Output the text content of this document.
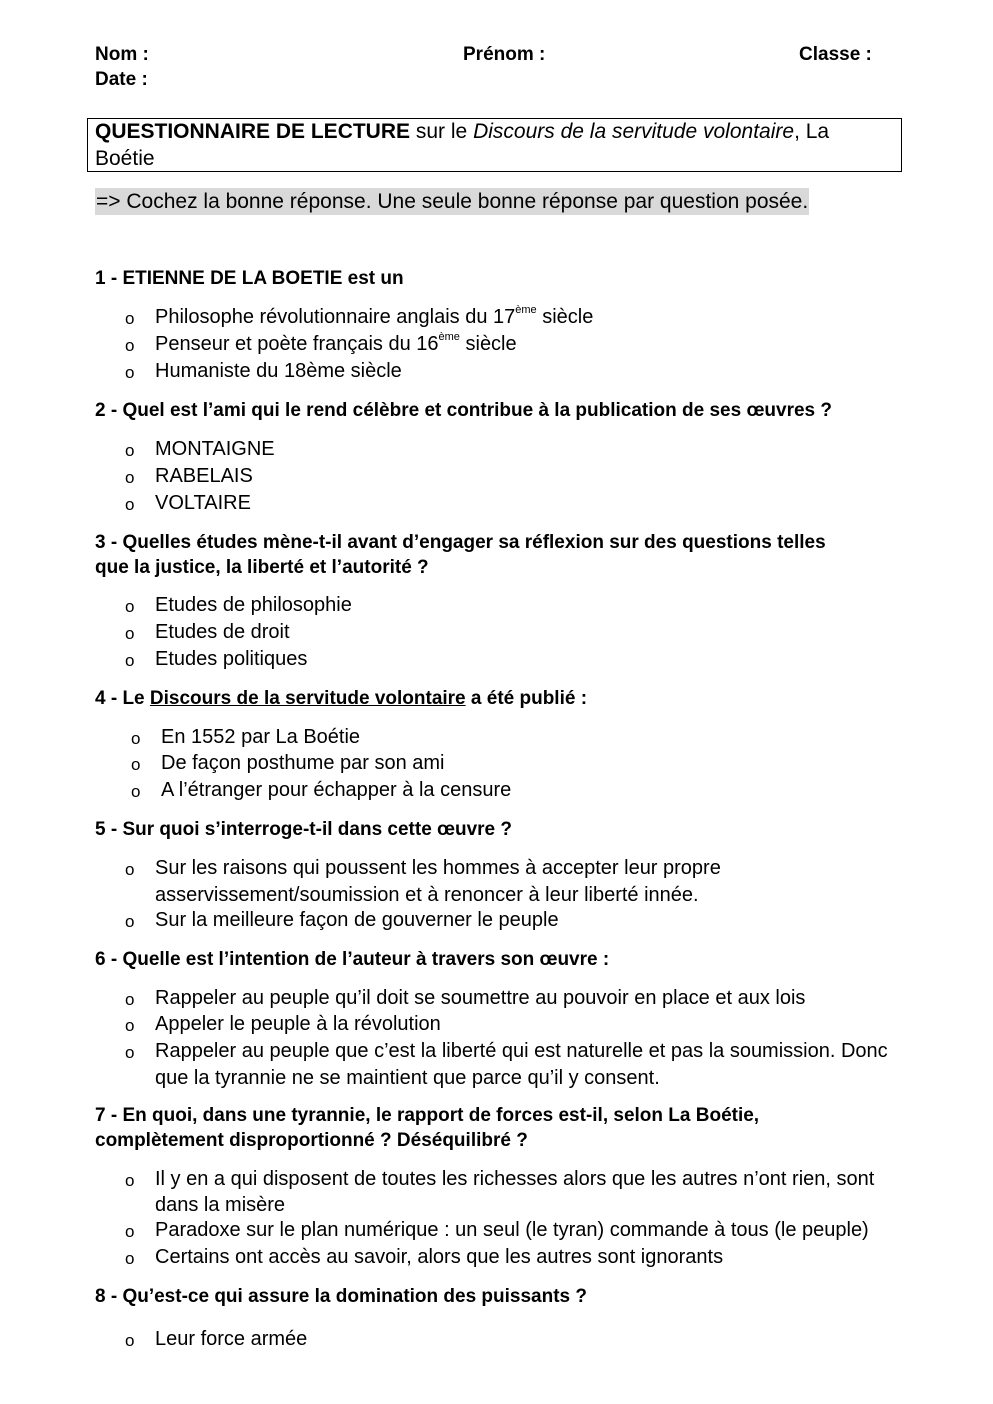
Nom :	Prénom :	Classe :
Date :
QUESTIONNAIRE DE LECTURE sur le Discours de la servitude volontaire, La
Boétie
=> Cochez la bonne réponse. Une seule bonne réponse par question posée.
1 - ETIENNE DE LA BOETIE est un
o Philosophe révolutionnaire anglais du 17ème siècle
o Penseur et poète français du 16ème siècle
o Humaniste du 18ème siècle
2 - Quel est l’ami qui le rend célèbre et contribue à la publication de ses œuvres ?
o MONTAIGNE
o RABELAIS
o VOLTAIRE
3 - Quelles études mène-t-il avant d’engager sa réflexion sur des questions telles
que la justice, la liberté et l’autorité ?
o Etudes de philosophie
o Etudes de droit
o Etudes politiques
4 - Le Discours de la servitude volontaire a été publié :
o En 1552 par La Boétie
o De façon posthume par son ami
o A l’étranger pour échapper à la censure
5 - Sur quoi s’interroge-t-il dans cette œuvre ?
o Sur les raisons qui poussent les hommes à accepter leur propre
asservissement/soumission et à renoncer à leur liberté innée.
o Sur la meilleure façon de gouverner le peuple
6 - Quelle est l’intention de l’auteur à travers son œuvre :
o Rappeler au peuple qu’il doit se soumettre au pouvoir en place et aux lois
o Appeler le peuple à la révolution
o Rappeler au peuple que c’est la liberté qui est naturelle et pas la soumission. Donc
que la tyrannie ne se maintient que parce qu’il y consent.
7 - En quoi, dans une tyrannie, le rapport de forces est-il, selon La Boétie,
complètement disproportionné ? Déséquilibré ?
o Il y en a qui disposent de toutes les richesses alors que les autres n’ont rien, sont
dans la misère
o Paradoxe sur le plan numérique : un seul (le tyran) commande à tous (le peuple)
o Certains ont accès au savoir, alors que les autres sont ignorants
8 - Qu’est-ce qui assure la domination des puissants ?
o Leur force armée
